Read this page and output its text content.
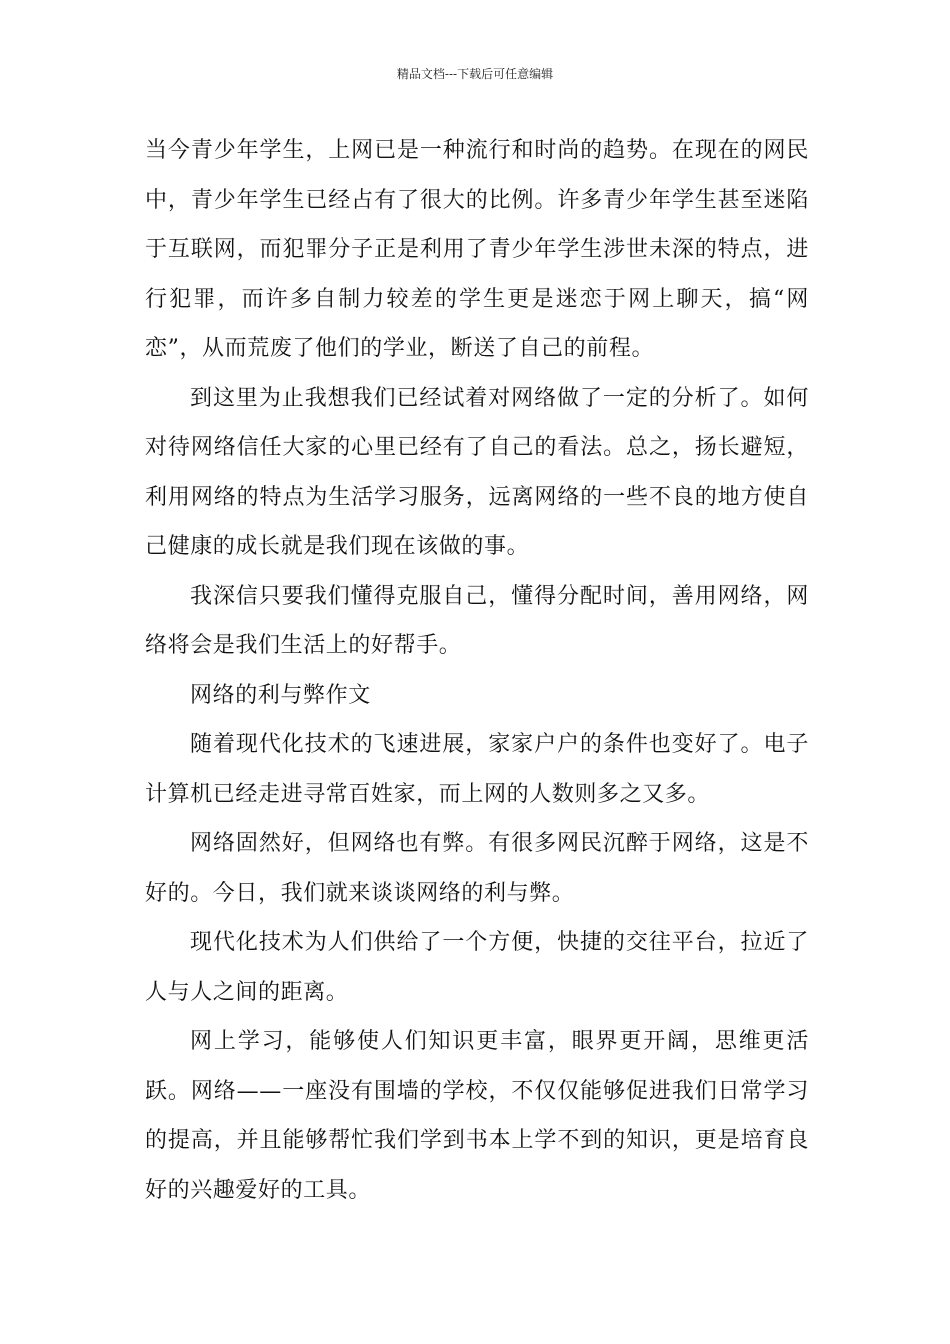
精品文档---下载后可任意编辑

当今青少年学生，上网已是一种流行和时尚的趋势。在现在的网民中，青少年学生已经占有了很大的比例。许多青少年学生甚至迷陷于互联网，而犯罪分子正是利用了青少年学生涉世未深的特点，进行犯罪，而许多自制力较差的学生更是迷恋于网上聊天，搞“网恋”，从而荒废了他们的学业，断送了自己的前程。

到这里为止我想我们已经试着对网络做了一定的分析了。如何对待网络信任大家的心里已经有了自己的看法。总之，扬长避短，利用网络的特点为生活学习服务，远离网络的一些不良的地方使自己健康的成长就是我们现在该做的事。

我深信只要我们懂得克服自己，懂得分配时间，善用网络，网络将会是我们生活上的好帮手。

网络的利与弊作文

随着现代化技术的飞速进展，家家户户的条件也变好了。电子计算机已经走进寻常百姓家，而上网的人数则多之又多。

网络固然好，但网络也有弊。有很多网民沉醉于网络，这是不好的。今日，我们就来谈谈网络的利与弊。

现代化技术为人们供给了一个方便，快捷的交往平台，拉近了人与人之间的距离。

网上学习，能够使人们知识更丰富，眼界更开阔，思维更活跃。网络——一座没有围墙的学校，不仅仅能够促进我们日常学习的提高，并且能够帮忙我们学到书本上学不到的知识，更是培育良好的兴趣爱好的工具。
